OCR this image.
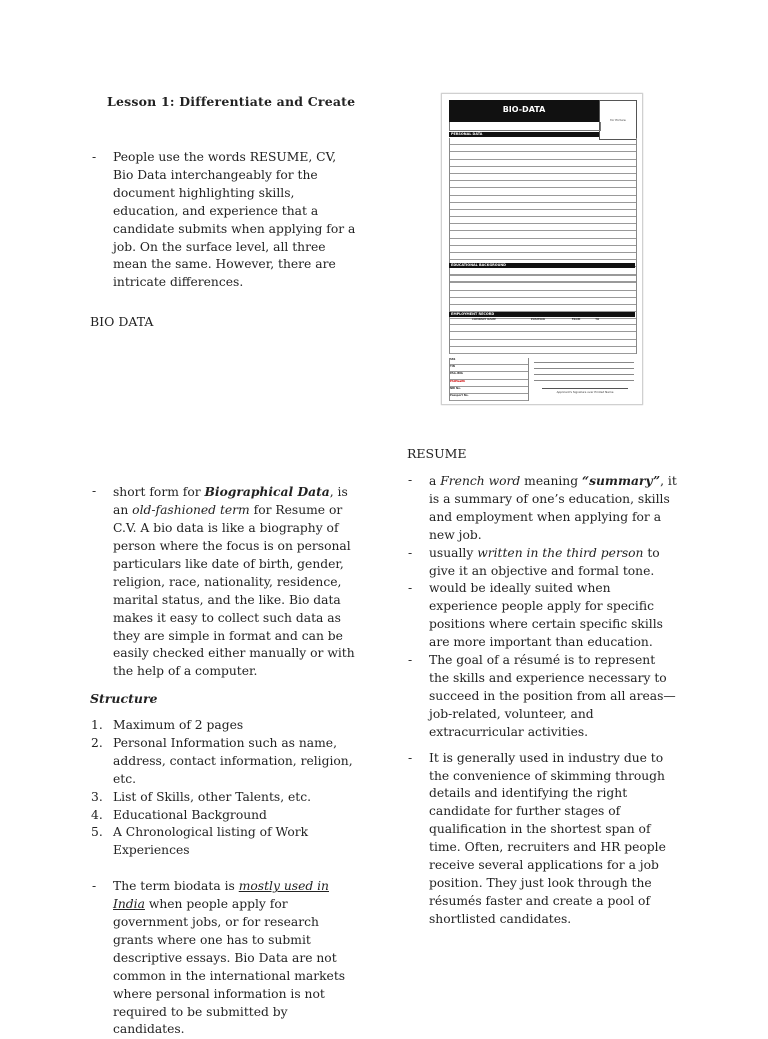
Lesson 1: Differentiate and Create
- People use the words RESUME, CV, Bio Data interchangeably for the document highlighting skills, education, and experience that a candidate submits when applying for a job. On the surface level, all three mean the same. However, there are intricate differences.
BIO DATA
- short form for Biographical Data, is an old-fashioned term for Resume or C.V. A bio data is like a biography of person where the focus is on personal particulars like date of birth, gender, religion, race, nationality, residence, marital status, and the like. Bio data makes it easy to collect such data as they are simple in format and can be easily checked either manually or with the help of a computer.
- The term biodata is mostly used in India when people apply for government jobs, or for research grants where one has to submit descriptive essays. Bio Data are not common in the international markets where personal information is not required to be submitted by candidates.
Structure
1. Maximum of 2 pages
2. Personal Information such as name, address, contact information, religion, etc.
3. List of Skills, other Talents, etc.
4. Educational Background
5. A Chronological listing of Work Experiences
BIO-DATA
for Picture
PERSONAL DATA
EDUCATIONAL BACKGROUND
EMPLOYMENT RECORD
COMPANY NAME	POSITION	FROM	TO
SSS
TIN
PAG-IBIG
PhilHealth
NBI No.
Passport No.
Applicant's Signature over Printed Name
RESUME
- a French word meaning “summary”, it is a summary of one’s education, skills and employment when applying for a new job.
- usually written in the third person to give it an objective and formal tone.
- would be ideally suited when experience people apply for specific positions where certain specific skills are more important than education.
- The goal of a résumé is to represent the skills and experience necessary to succeed in the position from all areas—job-related, volunteer, and extracurricular activities.
- It is generally used in industry due to the convenience of skimming through details and identifying the right candidate for further stages of qualification in the shortest span of time. Often, recruiters and HR people receive several applications for a job position. They just look through the résumés faster and create a pool of shortlisted candidates.
